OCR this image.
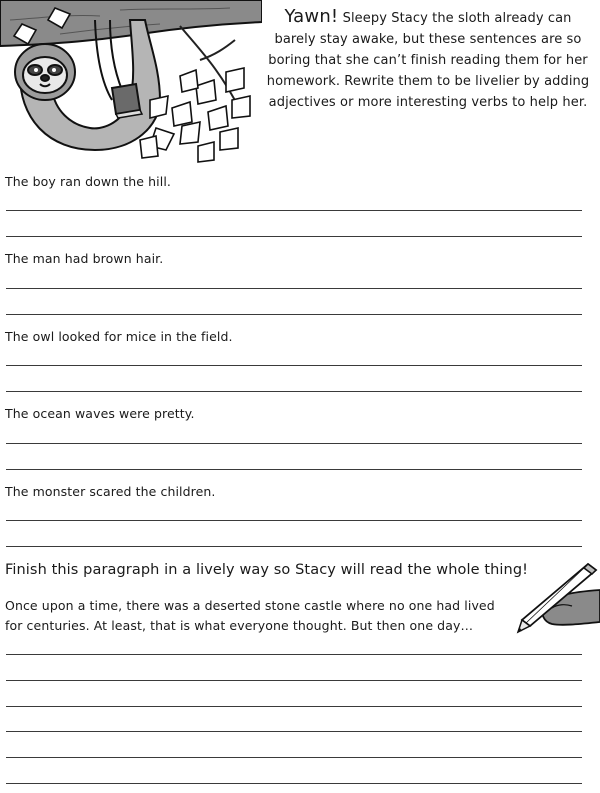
Yawn! Sleepy Stacy the sloth already can barely stay awake, but these sentences are so boring that she can’t finish reading them for her homework. Rewrite them to be livelier by adding adjectives or more interesting verbs to help her.
The boy ran down the hill.
The man had brown hair.
The owl looked for mice in the field.
The ocean waves were pretty.
The monster scared the children.
Finish this paragraph in a lively way so Stacy will read the whole thing!
Once upon a time, there was a deserted stone castle where no one had lived for centuries. At least, that is what everyone thought. But then one day…
